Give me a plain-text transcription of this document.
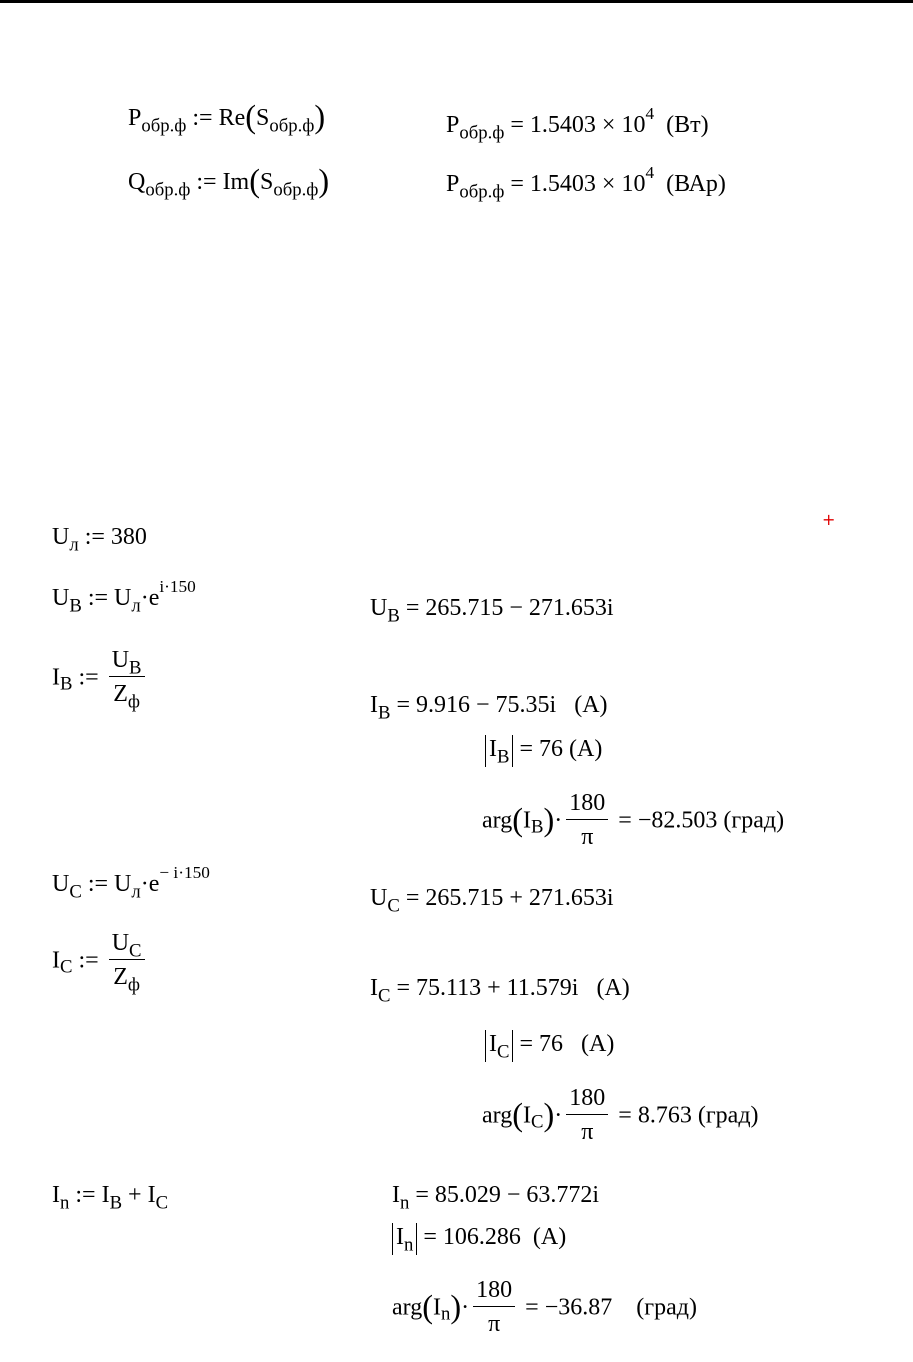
$P_{обр.ф}$ := $Re(S_{обр.ф})$	$P_{обр.ф} = 1.5403 \times 10^4$ (Вт)
$Q_{обр.ф}$ := $Im(S_{обр.ф})$	$P_{обр.ф} = 1.5403 \times 10^4$ (ВАр)
+
$U_л$ := 380
$U_B$ := $U_л\cdot e^{i\cdot 150}$
$U_B = 265.715 - 271.653i$
$I_B$ := $\frac{U_B}{Z_ф}$	$I_B = 9.916 - 75.35i$ (A)
$I_B = 76$ (A)
$arg(I_B)\cdot \frac{180}{\pi} = -82.503$ (град)
$U_C$ := $U_л\cdot e^{- i\cdot 150}$
$U_C = 265.715 + 271.653i$
$I_C$ := $\frac{U_C}{Z_ф}$	$I_C = 75.113 + 11.579i$ (A)
$I_C = 76$ (A)
$arg(I_C)\cdot \frac{180}{\pi} = 8.763$ (град)
$I_n$ := $I_B + I_C$	$I_n = 85.029 - 63.772i$
$I_n = 106.286$ (A)
$arg(I_n)\cdot \frac{180}{\pi} = -36.87$ (град)
